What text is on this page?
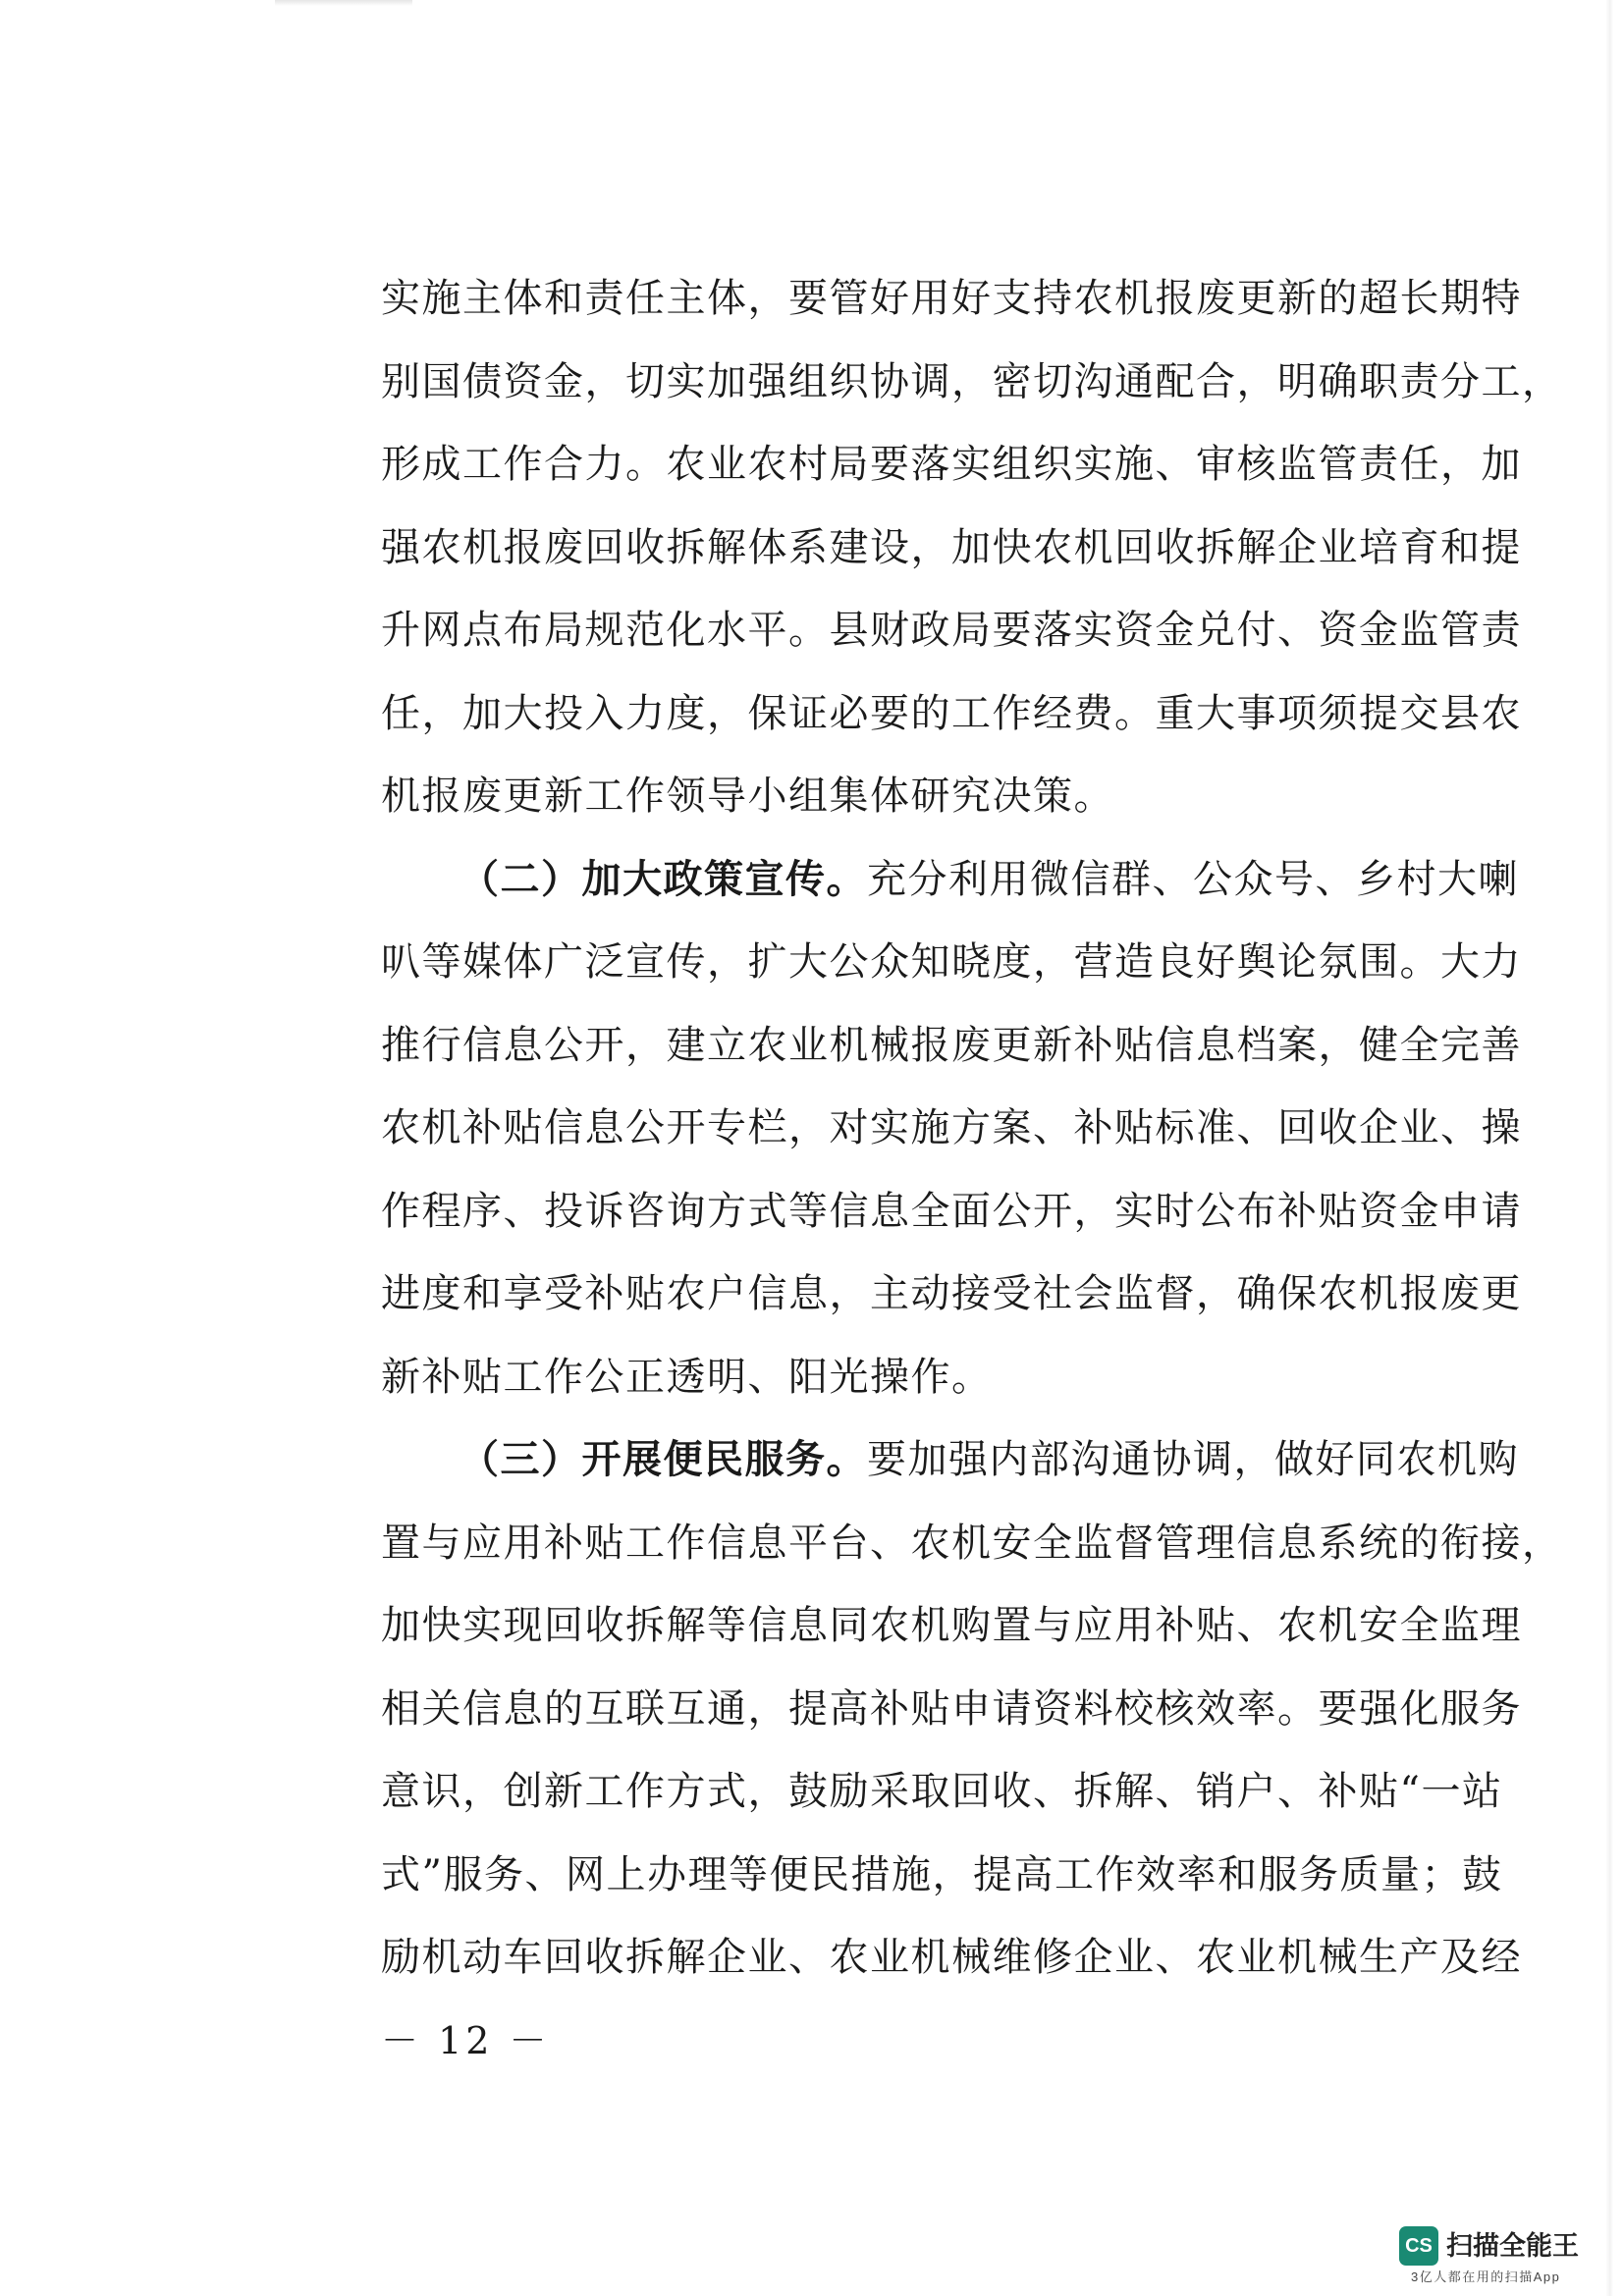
实施主体和责任主体，要管好用好支持农机报废更新的超长期特
别国债资金，切实加强组织协调，密切沟通配合，明确职责分工，
形成工作合力。农业农村局要落实组织实施、审核监管责任，加
强农机报废回收拆解体系建设，加快农机回收拆解企业培育和提
升网点布局规范化水平。县财政局要落实资金兑付、资金监管责
任，加大投入力度，保证必要的工作经费。重大事项须提交县农
机报废更新工作领导小组集体研究决策。
（二）加大政策宣传。充分利用微信群、公众号、乡村大喇
叭等媒体广泛宣传，扩大公众知晓度，营造良好舆论氛围。大力
推行信息公开，建立农业机械报废更新补贴信息档案，健全完善
农机补贴信息公开专栏，对实施方案、补贴标准、回收企业、操
作程序、投诉咨询方式等信息全面公开，实时公布补贴资金申请
进度和享受补贴农户信息，主动接受社会监督，确保农机报废更
新补贴工作公正透明、阳光操作。
（三）开展便民服务。要加强内部沟通协调，做好同农机购
置与应用补贴工作信息平台、农机安全监督管理信息系统的衔接，
加快实现回收拆解等信息同农机购置与应用补贴、农机安全监理
相关信息的互联互通，提高补贴申请资料校核效率。要强化服务
意识，创新工作方式，鼓励采取回收、拆解、销户、补贴“一站
式”服务、网上办理等便民措施，提高工作效率和服务质量；鼓
励机动车回收拆解企业、农业机械维修企业、农业机械生产及经
－ 12 －
CS 扫描全能王
3亿人都在用的扫描App
